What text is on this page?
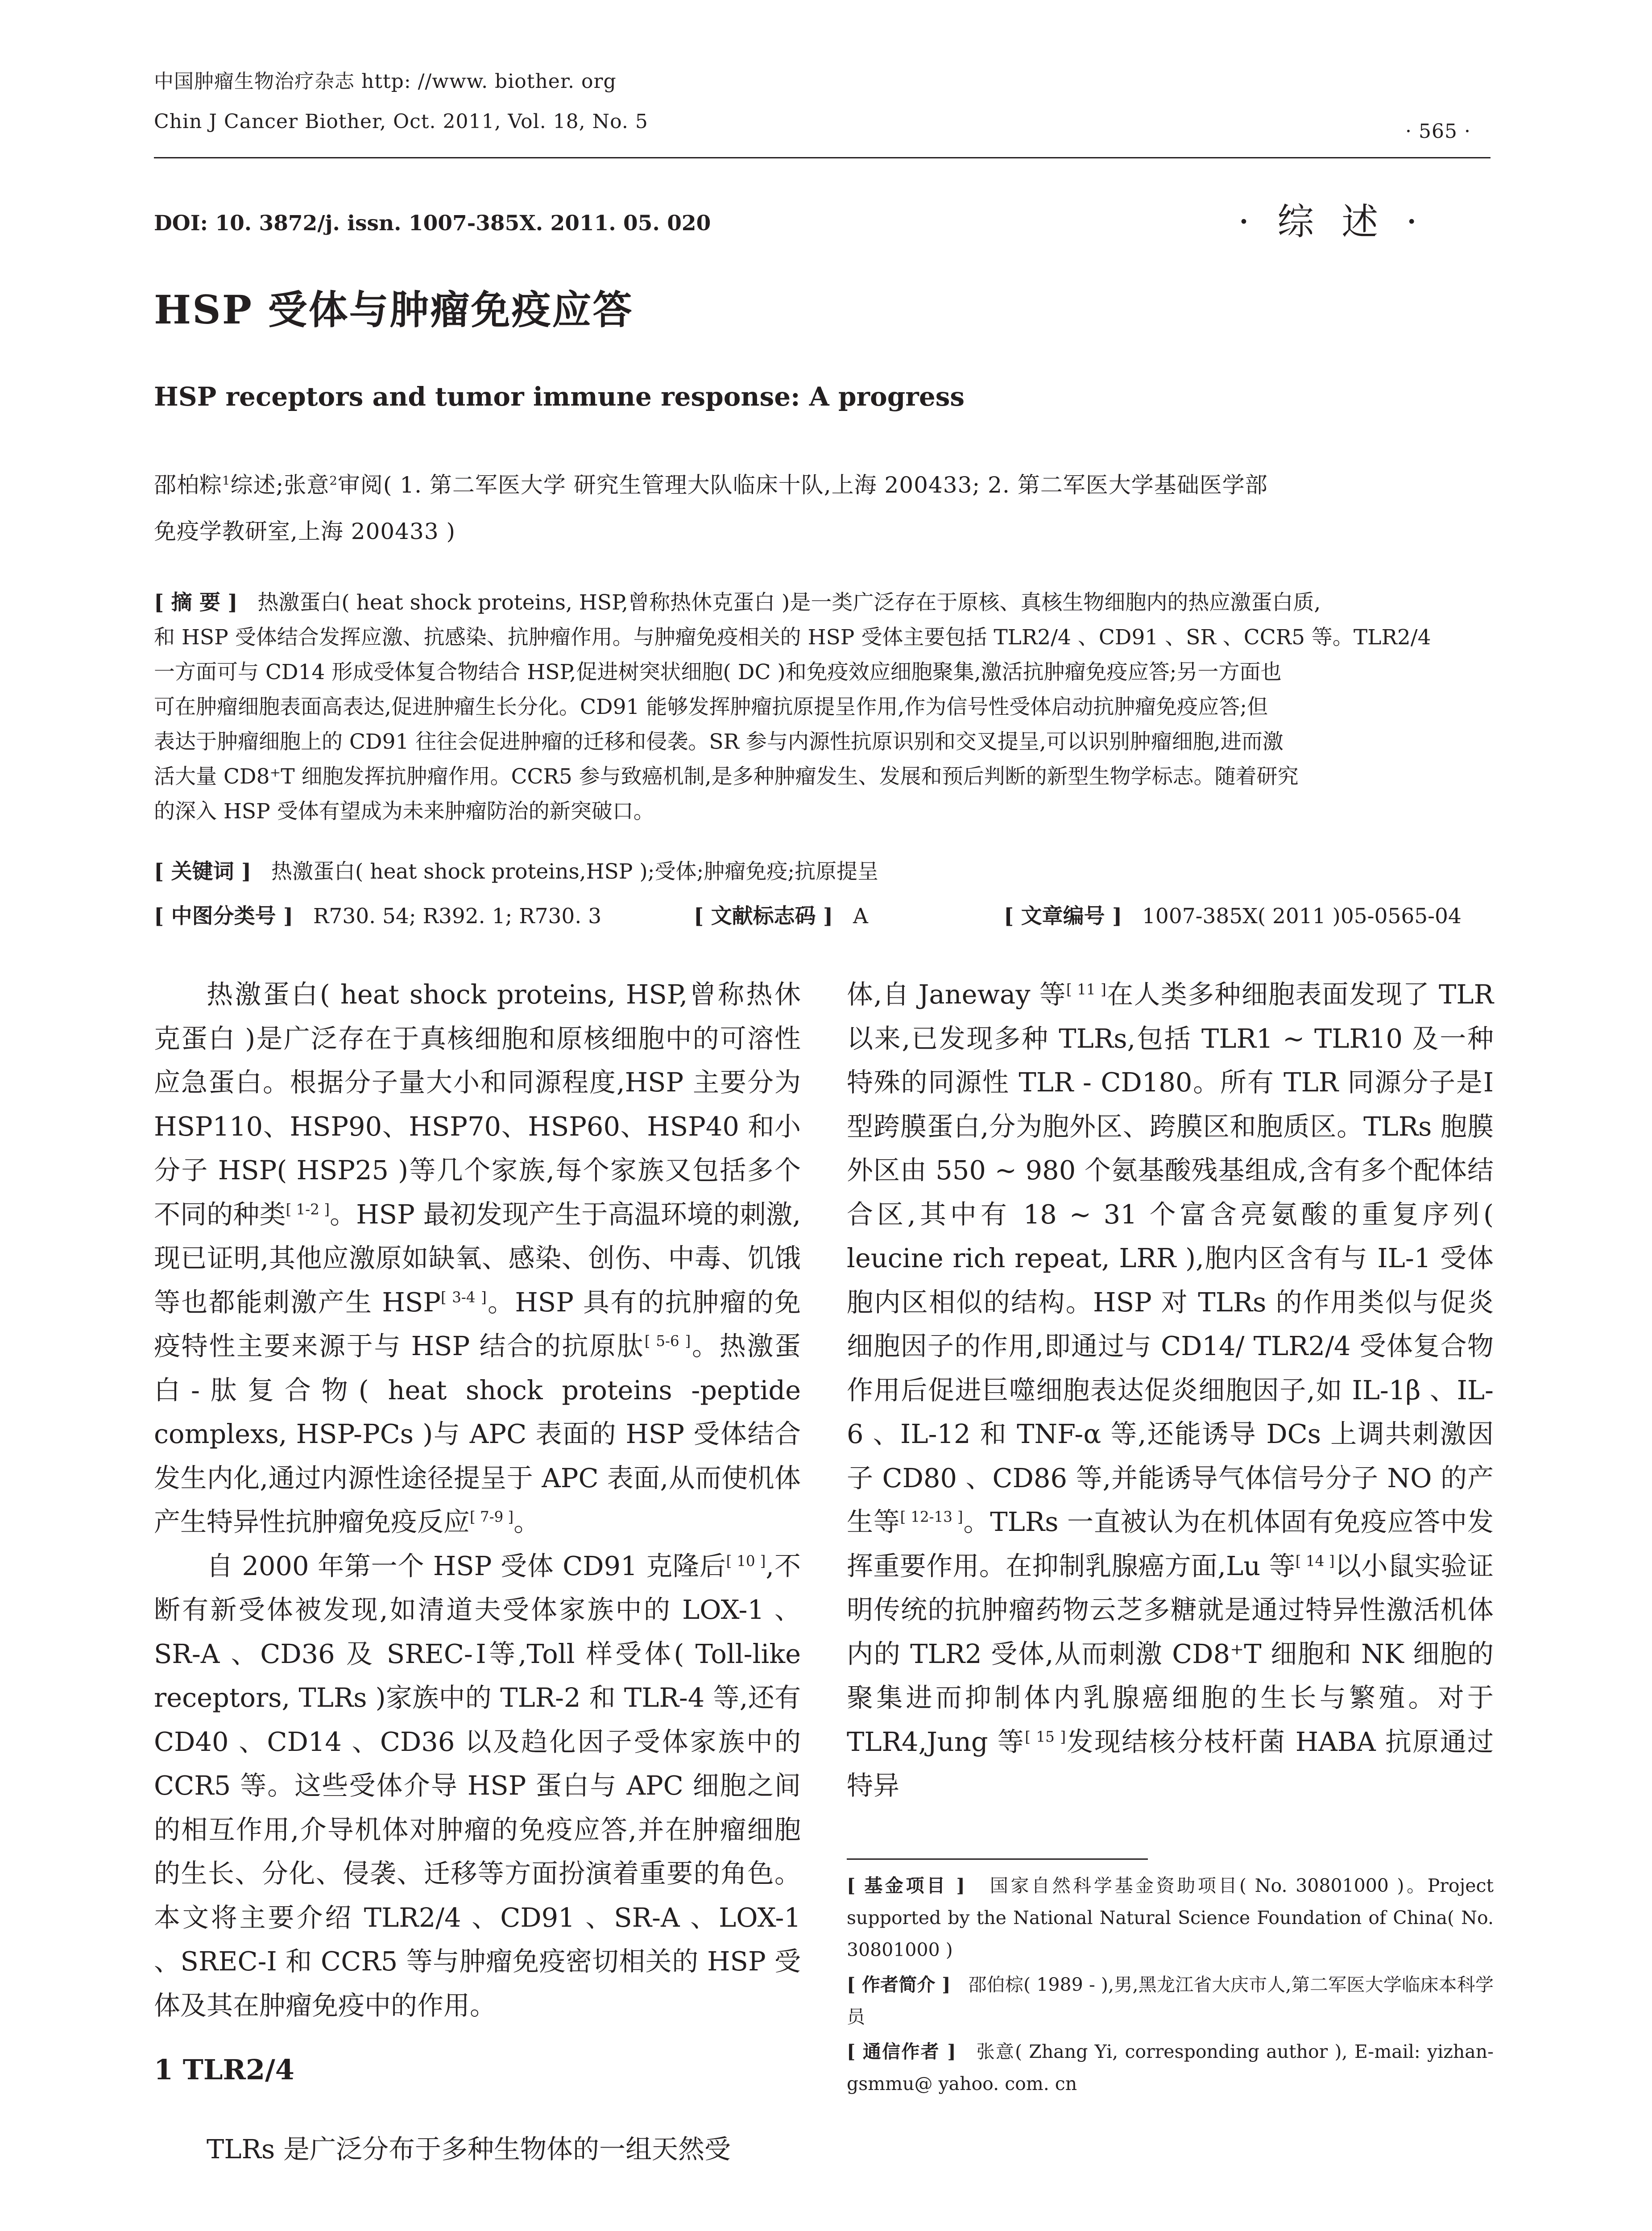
中国肿瘤生物治疗杂志 http: //www. biother. org
Chin J Cancer Biother, Oct. 2011, Vol. 18, No. 5	· 565 ·
DOI: 10. 3872/j. issn. 1007-385X. 2011. 05. 020	· 综 述 ·
HSP 受体与肿瘤免疫应答
HSP receptors and tumor immune response: A progress
邵柏粽$^1$综述;张意$^2$审阅( 1. 第二军医大学 研究生管理大队临床十队,上海 200433; 2. 第二军医大学基础医学部
免疫学教研室,上海 200433 )
[ 摘 要 ] 热激蛋白( heat shock proteins, HSP,曾称热休克蛋白 )是一类广泛存在于原核、真核生物细胞内的热应激蛋白质,
和 HSP 受体结合发挥应激、抗感染、抗肿瘤作用。与肿瘤免疫相关的 HSP 受体主要包括 TLR2/4 、CD91 、SR 、CCR5 等。TLR2/4
一方面可与 CD14 形成受体复合物结合 HSP,促进树突状细胞( DC )和免疫效应细胞聚集,激活抗肿瘤免疫应答;另一方面也
可在肿瘤细胞表面高表达,促进肿瘤生长分化。CD91 能够发挥肿瘤抗原提呈作用,作为信号性受体启动抗肿瘤免疫应答;但
表达于肿瘤细胞上的 CD91 往往会促进肿瘤的迁移和侵袭。SR 参与内源性抗原识别和交叉提呈,可以识别肿瘤细胞,进而激
活大量 CD8⁺T 细胞发挥抗肿瘤作用。CCR5 参与致癌机制,是多种肿瘤发生、发展和预后判断的新型生物学标志。随着研究
的深入 HSP 受体有望成为未来肿瘤防治的新突破口。
[ 关键词 ] 热激蛋白( heat shock proteins,HSP );受体;肿瘤免疫;抗原提呈
[ 中图分类号 ] R730. 54; R392. 1; R730. 3	[ 文献标志码 ] A	[ 文章编号 ] 1007-385X( 2011 )05-0565-04

热激蛋白( heat shock proteins, HSP,曾称热休克蛋白 )是广泛存在于真核细胞和原核细胞中的可溶性应急蛋白。根据分子量大小和同源程度,HSP 主要分为 HSP110、HSP90、HSP70、HSP60、HSP40 和小分子 HSP( HSP25 )等几个家族,每个家族又包括多个不同的种类[ 1-2 ]。HSP 最初发现产生于高温环境的刺激,现已证明,其他应激原如缺氧、感染、创伤、中毒、饥饿等也都能刺激产生 HSP[ 3-4 ]。HSP 具有的抗肿瘤的免疫特性主要来源于与 HSP 结合的抗原肽[ 5-6 ]。热激蛋白-肽复合物( heat shock proteins -peptide complexs, HSP-PCs )与 APC 表面的 HSP 受体结合发生内化,通过内源性途径提呈于 APC 表面,从而使机体产生特异性抗肿瘤免疫反应[ 7-9 ]。

自 2000 年第一个 HSP 受体 CD91 克隆后[ 10 ],不断有新受体被发现,如清道夫受体家族中的 LOX-1 、SR-A 、CD36 及 SREC-Ⅰ等,Toll 样受体( Toll-like receptors, TLRs )家族中的 TLR-2 和 TLR-4 等,还有 CD40 、CD14 、CD36 以及趋化因子受体家族中的 CCR5 等。这些受体介导 HSP 蛋白与 APC 细胞之间的相互作用,介导机体对肿瘤的免疫应答,并在肿瘤细胞的生长、分化、侵袭、迁移等方面扮演着重要的角色。本文将主要介绍 TLR2/4 、CD91 、SR-A 、LOX-1 、SREC-I 和 CCR5 等与肿瘤免疫密切相关的 HSP 受体及其在肿瘤免疫中的作用。

1 TLR2/4

TLRs 是广泛分布于多种生物体的一组天然受

体,自 Janeway 等[ 11 ]在人类多种细胞表面发现了 TLR 以来,已发现多种 TLRs,包括 TLR1 ~ TLR10 及一种特殊的同源性 TLR - CD180。所有 TLR 同源分子是Ⅰ型跨膜蛋白,分为胞外区、跨膜区和胞质区。TLRs 胞膜外区由 550 ~ 980 个氨基酸残基组成,含有多个配体结合区,其中有 18 ~ 31 个富含亮氨酸的重复序列( leucine rich repeat, LRR ),胞内区含有与 IL-1 受体胞内区相似的结构。HSP 对 TLRs 的作用类似与促炎细胞因子的作用,即通过与 CD14/ TLR2/4 受体复合物作用后促进巨噬细胞表达促炎细胞因子,如 IL-1β 、IL-6 、IL-12 和 TNF-α 等,还能诱导 DCs 上调共刺激因子 CD80 、CD86 等,并能诱导气体信号分子 NO 的产生等[ 12-13 ]。TLRs 一直被认为在机体固有免疫应答中发挥重要作用。在抑制乳腺癌方面,Lu 等[ 14 ]以小鼠实验证明传统的抗肿瘤药物云芝多糖就是通过特异性激活机体内的 TLR2 受体,从而刺激 CD8⁺T 细胞和 NK 细胞的聚集进而抑制体内乳腺癌细胞的生长与繁殖。对于 TLR4,Jung 等[ 15 ]发现结核分枝杆菌 HABA 抗原通过特异

[ 基金项目 ] 国家自然科学基金资助项目( No. 30801000 )。Project supported by the National Natural Science Foundation of China( No. 30801000 )
[ 作者简介 ] 邵伯棕( 1989 - ),男,黑龙江省大庆市人,第二军医大学临床本科学员
[ 通信作者 ] 张意( Zhang Yi, corresponding author ), E-mail: yizhan-gsmmu@ yahoo. com. cn
